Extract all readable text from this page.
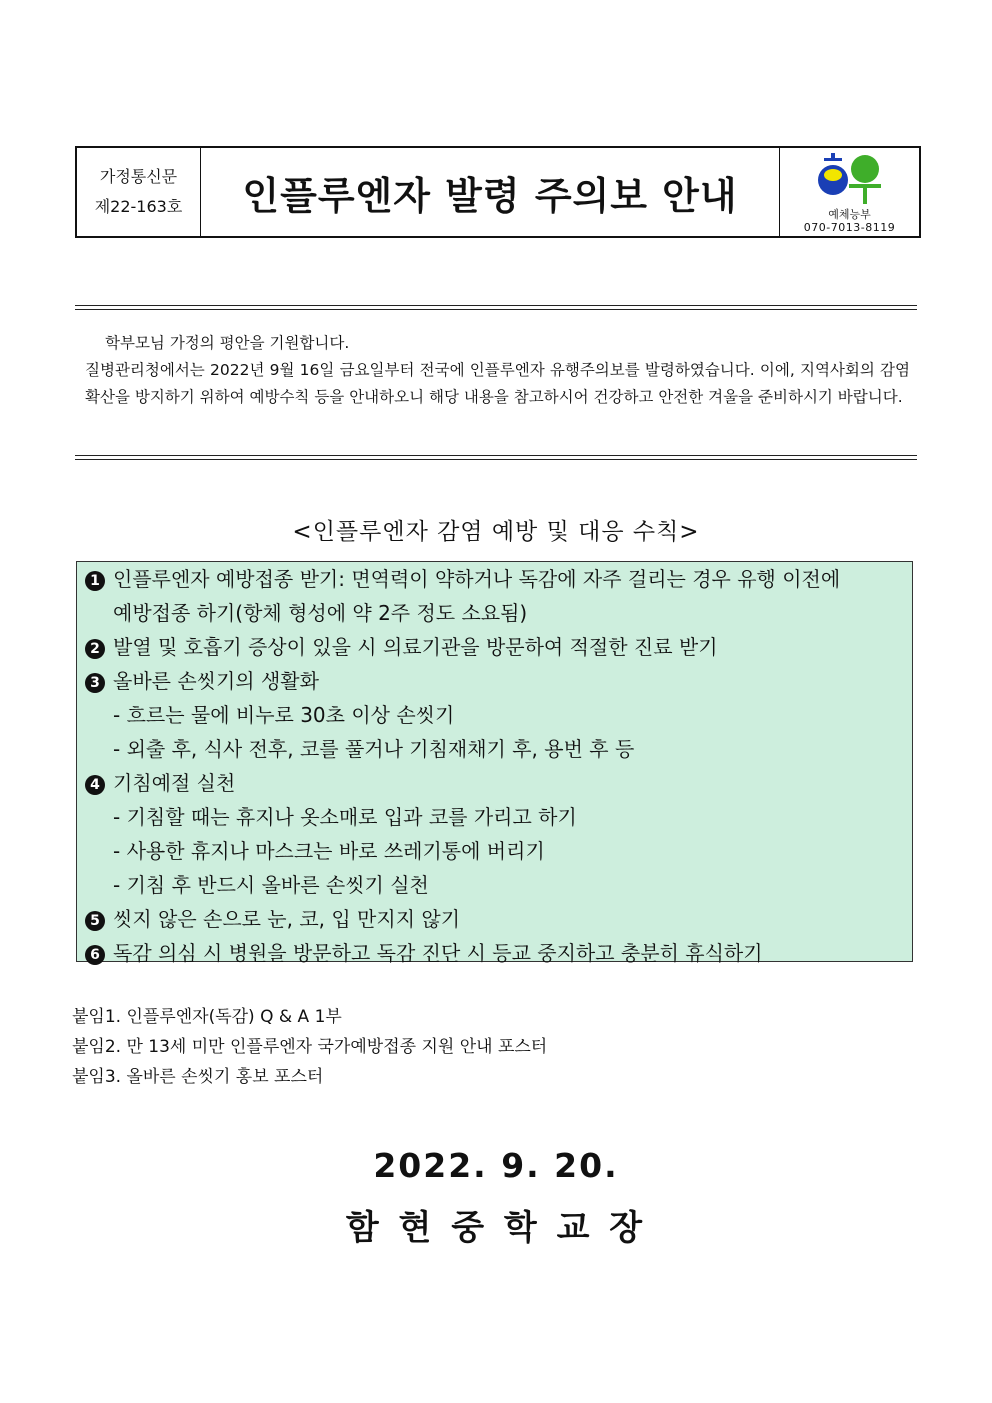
가정통신문
제22-163호	인플루엔자 발령 주의보 안내	예체능부
070-7013-8119

학부모님 가정의 평안을 기원합니다.

질병관리청에서는 2022년 9월 16일 금요일부터 전국에 인플루엔자 유행주의보를 발령하였습니다. 이에, 지역사회의 감염 확산을 방지하기 위하여 예방수칙 등을 안내하오니 해당 내용을 참고하시어 건강하고 안전한 겨울을 준비하시기 바랍니다.

<인플루엔자 감염 예방 및 대응 수칙>
1 인플루엔자 예방접종 받기: 면역력이 약하거나 독감에 자주 걸리는 경우 유행 이전에
예방접종 하기(항체 형성에 약 2주 정도 소요됨)
2 발열 및 호흡기 증상이 있을 시 의료기관을 방문하여 적절한 진료 받기
3 올바른 손씻기의 생활화
- 흐르는 물에 비누로 30초 이상 손씻기
- 외출 후, 식사 전후, 코를 풀거나 기침재채기 후, 용번 후 등
4 기침예절 실천
- 기침할 때는 휴지나 옷소매로 입과 코를 가리고 하기
- 사용한 휴지나 마스크는 바로 쓰레기통에 버리기
- 기침 후 반드시 올바른 손씻기 실천
5 씻지 않은 손으로 눈, 코, 입 만지지 않기
6 독감 의심 시 병원을 방문하고 독감 진단 시 등교 중지하고 충분히 휴식하기
붙임1. 인플루엔자(독감) Q & A 1부
붙임2. 만 13세 미만 인플루엔자 국가예방접종 지원 안내 포스터
붙임3. 올바른 손씻기 홍보 포스터
2022. 9. 20.
함 현 중 학 교 장
